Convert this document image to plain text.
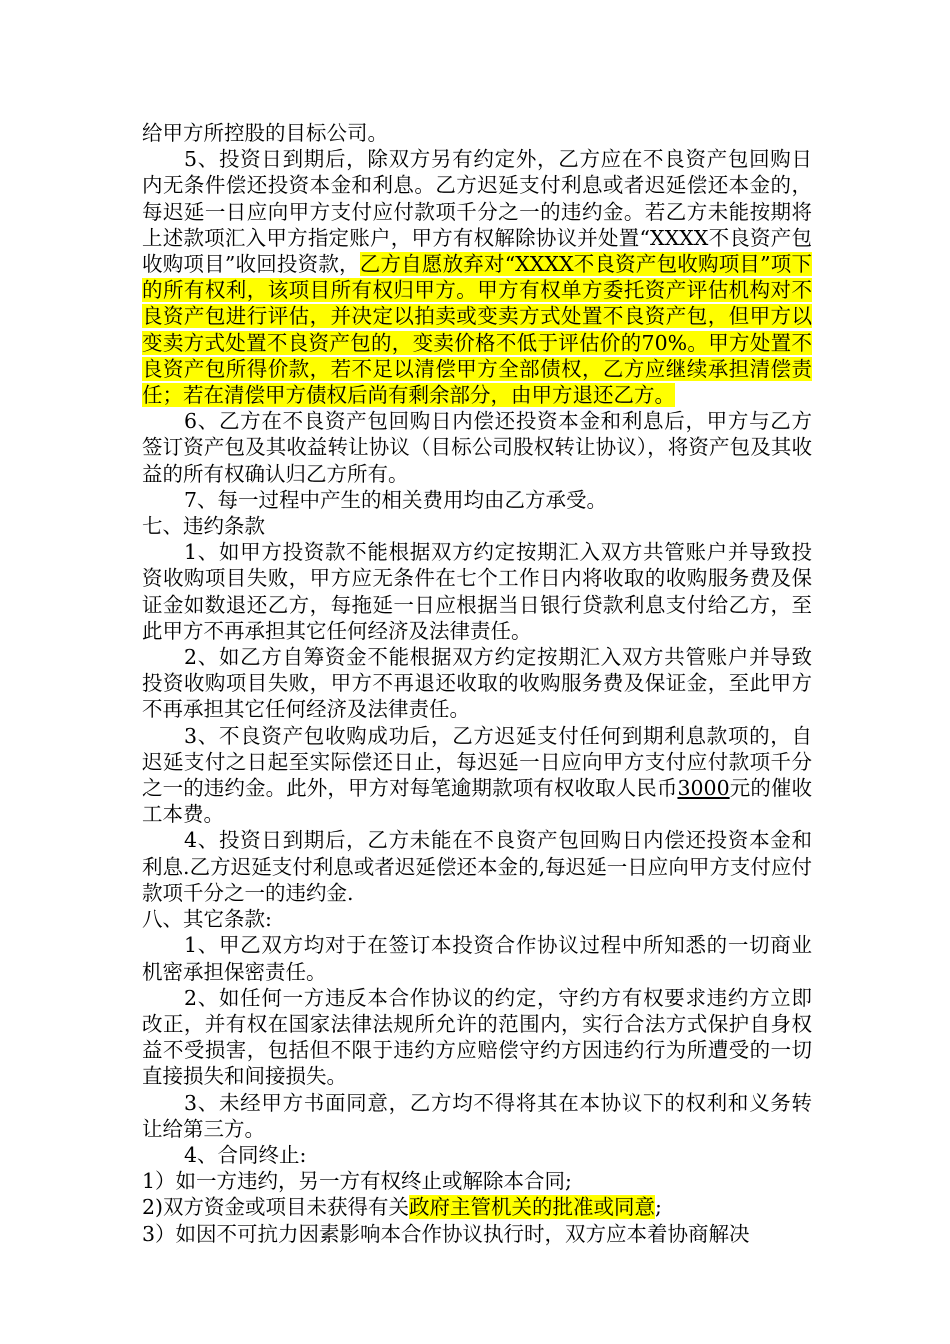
给甲方所控股的目标公司。

5、投资日到期后，除双方另有约定外，乙方应在不良资产包回购日内无条件偿还投资本金和利息。乙方迟延支付利息或者迟延偿还本金的，每迟延一日应向甲方支付应付款项千分之一的违约金。若乙方未能按期将上述款项汇入甲方指定账户，甲方有权解除协议并处置“XXXX不良资产包收购项目”收回投资款，乙方自愿放弃对“XXXX不良资产包收购项目”项下的所有权利，该项目所有权归甲方。甲方有权单方委托资产评估机构对不良资产包进行评估，并决定以拍卖或变卖方式处置不良资产包，但甲方以变卖方式处置不良资产包的，变卖价格不低于评估价的70%。甲方处置不良资产包所得价款，若不足以清偿甲方全部债权，乙方应继续承担清偿责任；若在清偿甲方债权后尚有剩余部分，由甲方退还乙方。

6、乙方在不良资产包回购日内偿还投资本金和利息后，甲方与乙方签订资产包及其收益转让协议（目标公司股权转让协议），将资产包及其收益的所有权确认归乙方所有。

7、每一过程中产生的相关费用均由乙方承受。

七、违约条款

1、如甲方投资款不能根据双方约定按期汇入双方共管账户并导致投资收购项目失败，甲方应无条件在七个工作日内将收取的收购服务费及保证金如数退还乙方，每拖延一日应根据当日银行贷款利息支付给乙方，至此甲方不再承担其它任何经济及法律责任。

2、如乙方自筹资金不能根据双方约定按期汇入双方共管账户并导致投资收购项目失败，甲方不再退还收取的收购服务费及保证金，至此甲方不再承担其它任何经济及法律责任。

3、不良资产包收购成功后，乙方迟延支付任何到期利息款项的，自迟延支付之日起至实际偿还日止，每迟延一日应向甲方支付应付款项千分之一的违约金。此外，甲方对每笔逾期款项有权收取人民币3000元的催收工本费。

4、投资日到期后，乙方未能在不良资产包回购日内偿还投资本金和利息.乙方迟延支付利息或者迟延偿还本金的,每迟延一日应向甲方支付应付款项千分之一的违约金.

八、其它条款:

1、甲乙双方均对于在签订本投资合作协议过程中所知悉的一切商业机密承担保密责任。

2、如任何一方违反本合作协议的约定，守约方有权要求违约方立即改正，并有权在国家法律法规所允许的范围内，实行合法方式保护自身权益不受损害，包括但不限于违约方应赔偿守约方因违约行为所遭受的一切直接损失和间接损失。

3、未经甲方书面同意，乙方均不得将其在本协议下的权利和义务转让给第三方。

4、合同终止:

1）如一方违约，另一方有权终止或解除本合同;

2)双方资金或项目未获得有关政府主管机关的批准或同意;

3）如因不可抗力因素影响本合作协议执行时，双方应本着协商解决
